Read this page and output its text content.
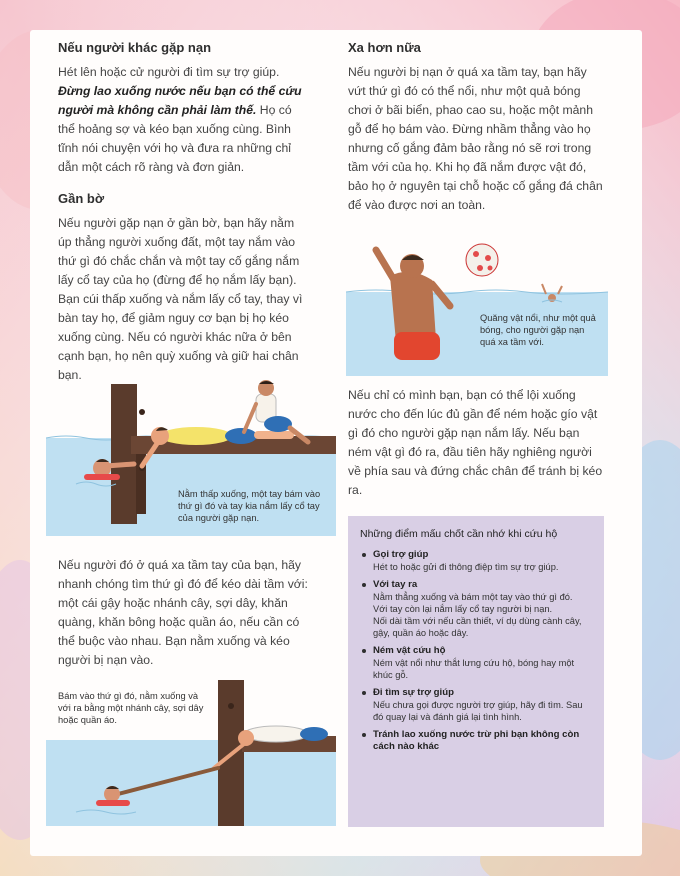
Nếu người khác gặp nạn

Hét lên hoặc cử người đi tìm sự trợ giúp. Đừng lao xuống nước nếu bạn có thể cứu người mà không cần phải làm thế. Họ có thể hoảng sợ và kéo bạn xuống cùng. Bình tĩnh nói chuyện với họ và đưa ra những chỉ dẫn một cách rõ ràng và đơn giản.

Gần bờ

Nếu người gặp nạn ở gần bờ, bạn hãy nằm úp thẳng người xuống đất, một tay nắm vào thứ gì đó chắc chắn và một tay cố gắng nắm lấy cổ tay của họ (đừng để họ nắm lấy bạn). Bạn cúi thấp xuống và nắm lấy cổ tay, thay vì bàn tay họ, để giảm nguy cơ bạn bị họ kéo xuống cùng. Nếu có người khác nữa ở bên cạnh bạn, họ nên quỳ xuống và giữ hai chân bạn.

Nằm thấp xuống, một tay bám vào thứ gì đó và tay kia nắm lấy cổ tay của người gặp nạn.

Nếu người đó ở quá xa tầm tay của bạn, hãy nhanh chóng tìm thứ gì đó để kéo dài tầm với: một cái gậy hoặc nhánh cây, sợi dây, khăn quàng, khăn bông hoặc quần áo, nếu cần có thể buộc vào nhau. Bạn nằm xuống và kéo người bị nạn vào.

Bám vào thứ gì đó, nằm xuống và với ra bằng một nhánh cây, sợi dây hoặc quần áo.
Xa hơn nữa

Nếu người bị nạn ở quá xa tầm tay, bạn hãy vứt thứ gì đó có thể nổi, như một quả bóng chơi ở bãi biển, phao cao su, hoặc một mảnh gỗ để họ bám vào. Đừng nhầm thẳng vào họ nhưng cố gắng đảm bảo rằng nó sẽ rơi trong tầm với của họ. Khi họ đã nắm được vật đó, bảo họ ở nguyên tại chỗ hoặc cố gắng đá chân để vào được nơi an toàn.

Quăng vật nổi, như một quả bóng, cho người gặp nạn quá xa tầm với.

Nếu chỉ có mình bạn, bạn có thể lội xuống nước cho đến lúc đủ gần để ném hoặc gío vật gì đó cho người gặp nạn nắm lấy. Nếu bạn ném vật gì đó ra, đầu tiên hãy nghiêng người về phía sau và đứng chắc chân để tránh bị kéo ra.

Những điểm mấu chốt cần nhớ khi cứu hộ
Gọi trợ giúp
Hét to hoặc gửi đi thông điệp tìm sự trợ giúp.
Với tay ra
Nằm thẳng xuống và bám một tay vào thứ gì đó.
Với tay còn lại nắm lấy cổ tay người bị nạn.
Nối dài tầm với nếu cần thiết, ví dụ dùng cành cây, gậy, quần áo hoặc dây.
Ném vật cứu hộ
Ném vật nổi như thắt lưng cứu hộ, bóng hay một khúc gỗ.
Đi tìm sự trợ giúp
Nếu chưa gọi được người trợ giúp, hãy đi tìm. Sau đó quay lại và đánh giá lại tình hình.
Tránh lao xuống nước trừ phi bạn không còn cách nào khác
